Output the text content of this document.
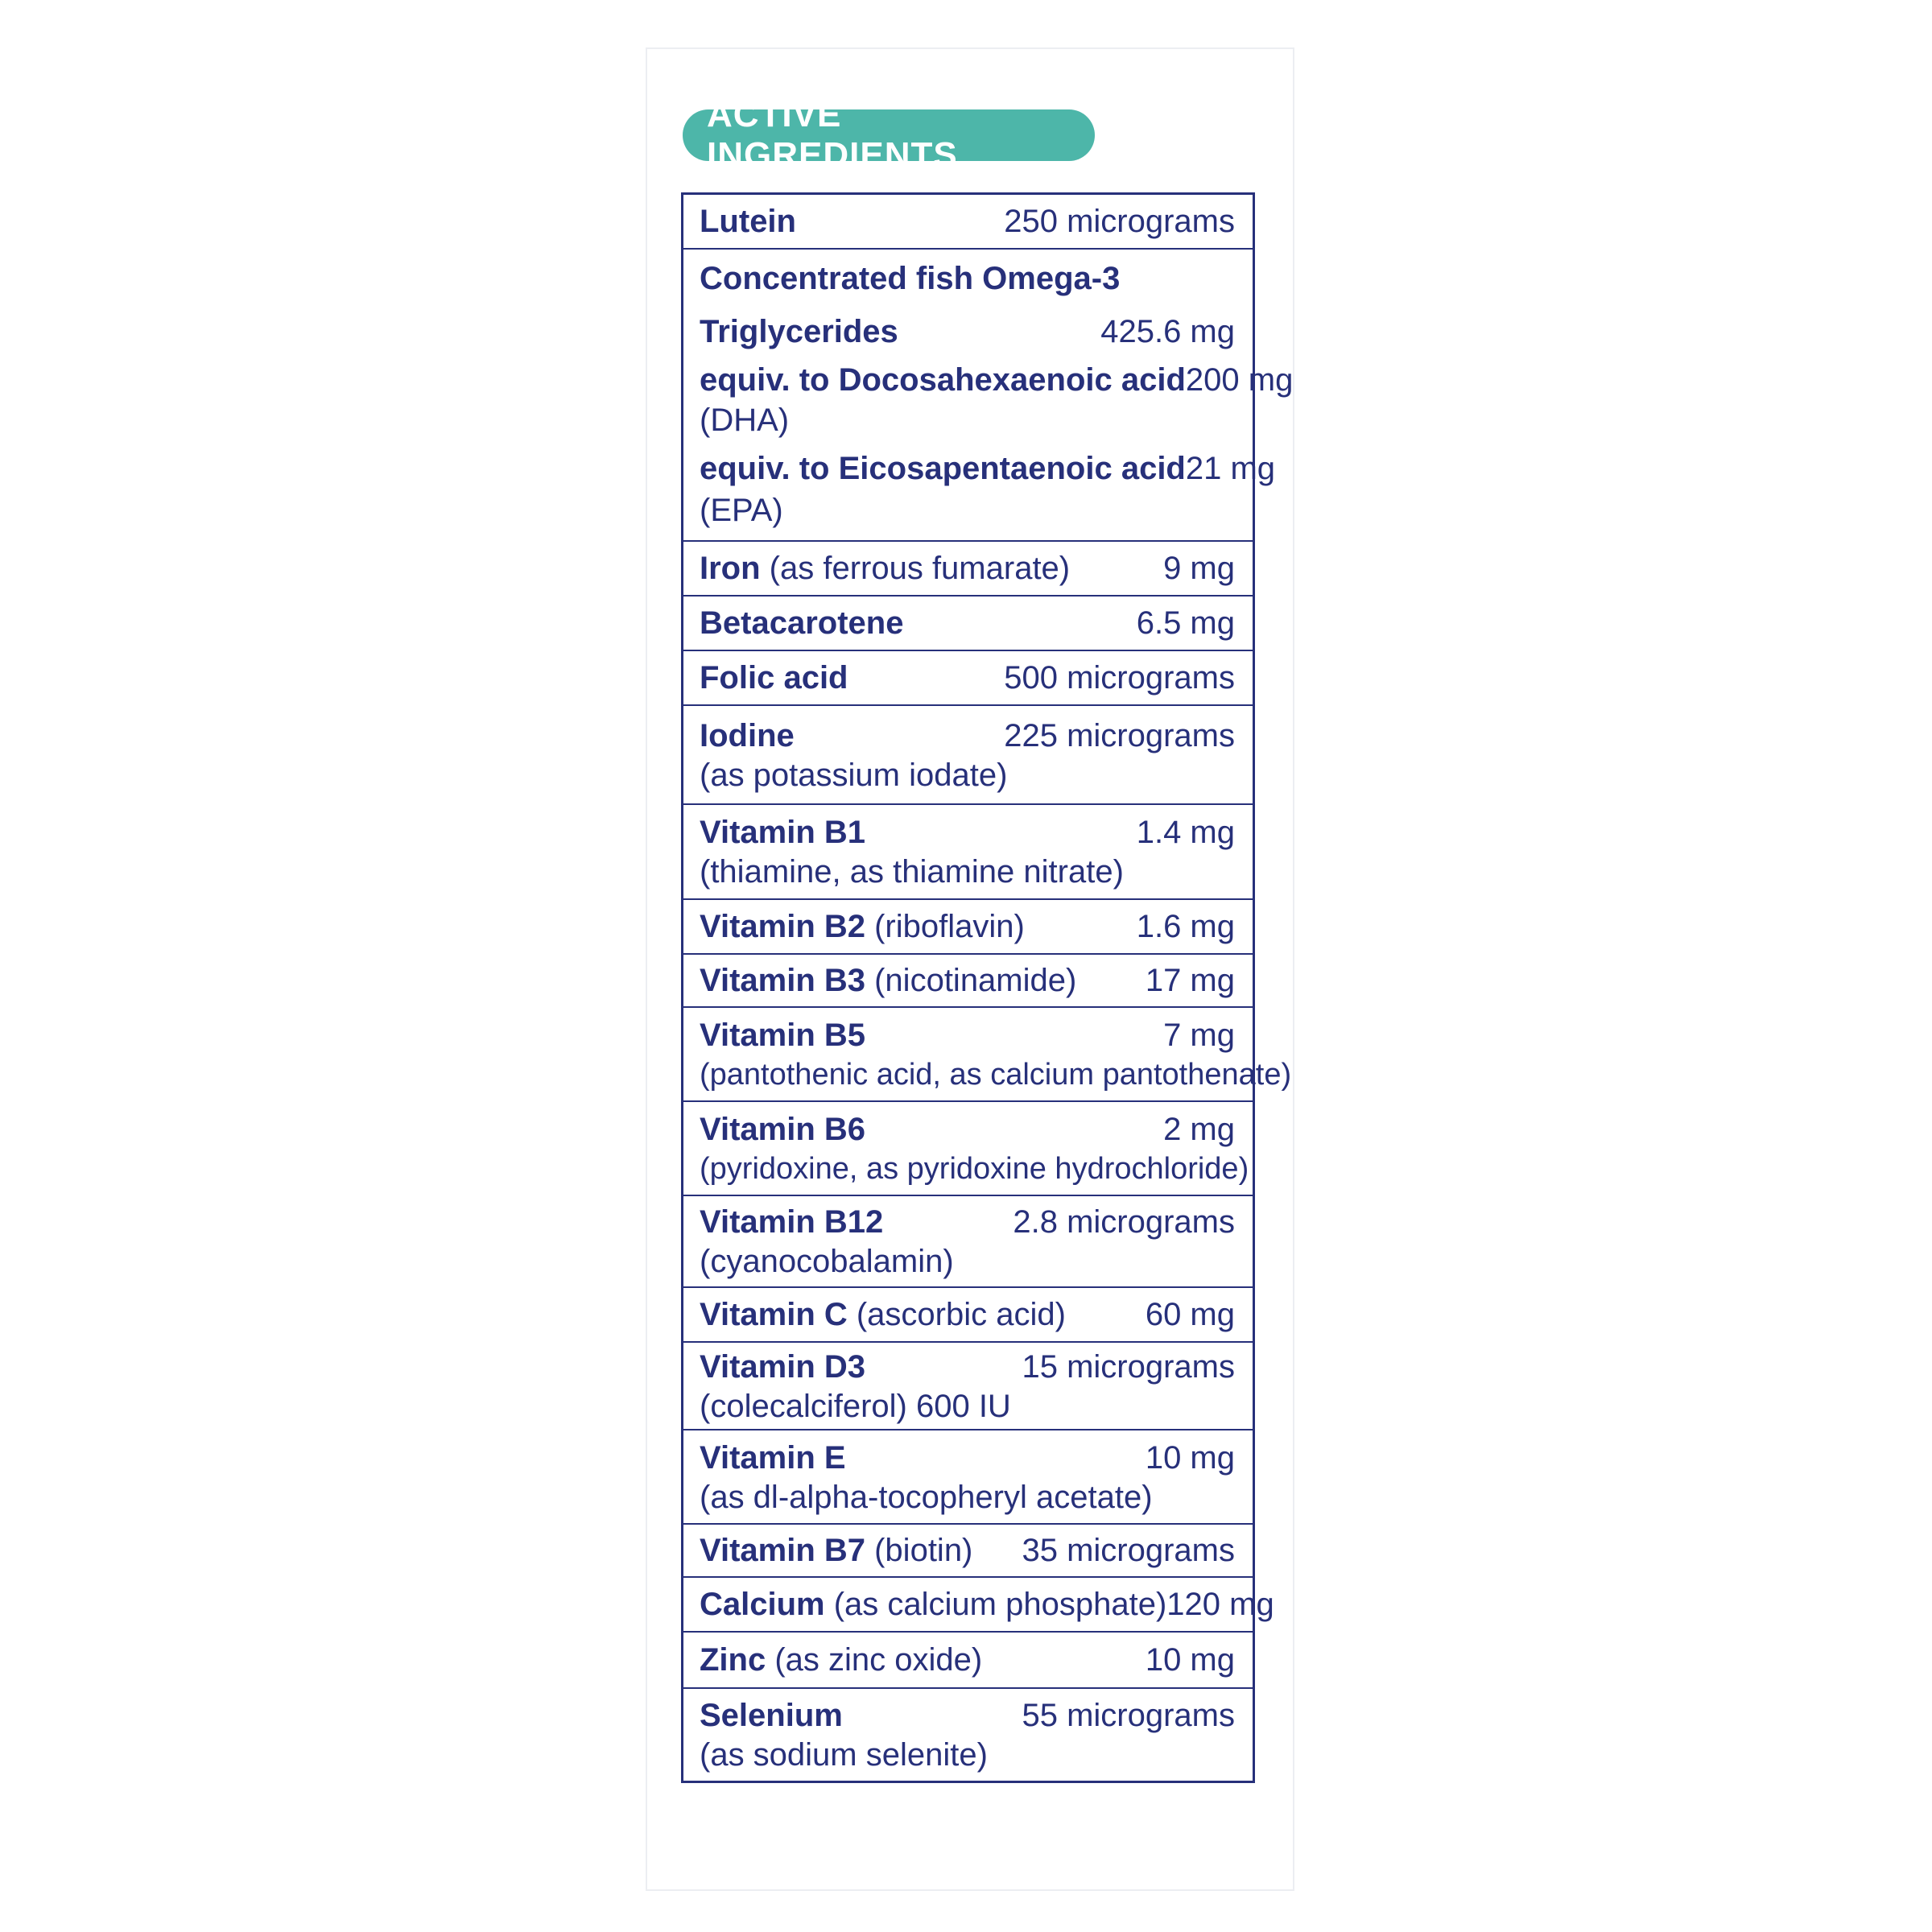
ACTIVE INGREDIENTS
Lutein	250 micrograms
Concentrated fish Omega-3
Triglycerides	425.6 mg
equiv. to Docosahexaenoic acid 200 mg
(DHA)
equiv. to Eicosapentaenoic acid 21 mg
(EPA)
Iron (as ferrous fumarate)	9 mg
Betacarotene	6.5 mg
Folic acid	500 micrograms
Iodine	225 micrograms
(as potassium iodate)
Vitamin B1	1.4 mg
(thiamine, as thiamine nitrate)
Vitamin B2 (riboflavin)	1.6 mg
Vitamin B3 (nicotinamide) 17 mg
Vitamin B5	7 mg
(pantothenic acid, as calcium pantothenate)
Vitamin B6	2 mg
(pyridoxine, as pyridoxine hydrochloride)
Vitamin B12	2.8 micrograms
(cyanocobalamin)
Vitamin C (ascorbic acid) 60 mg
Vitamin D3	15 micrograms
(colecalciferol) 600 IU
Vitamin E	10 mg
(as dl-alpha-tocopheryl acetate)
Vitamin B7 (biotin) 35 micrograms
Calcium (as calcium phosphate) 120 mg
Zinc (as zinc oxide)	10 mg
Selenium	55 micrograms
(as sodium selenite)
